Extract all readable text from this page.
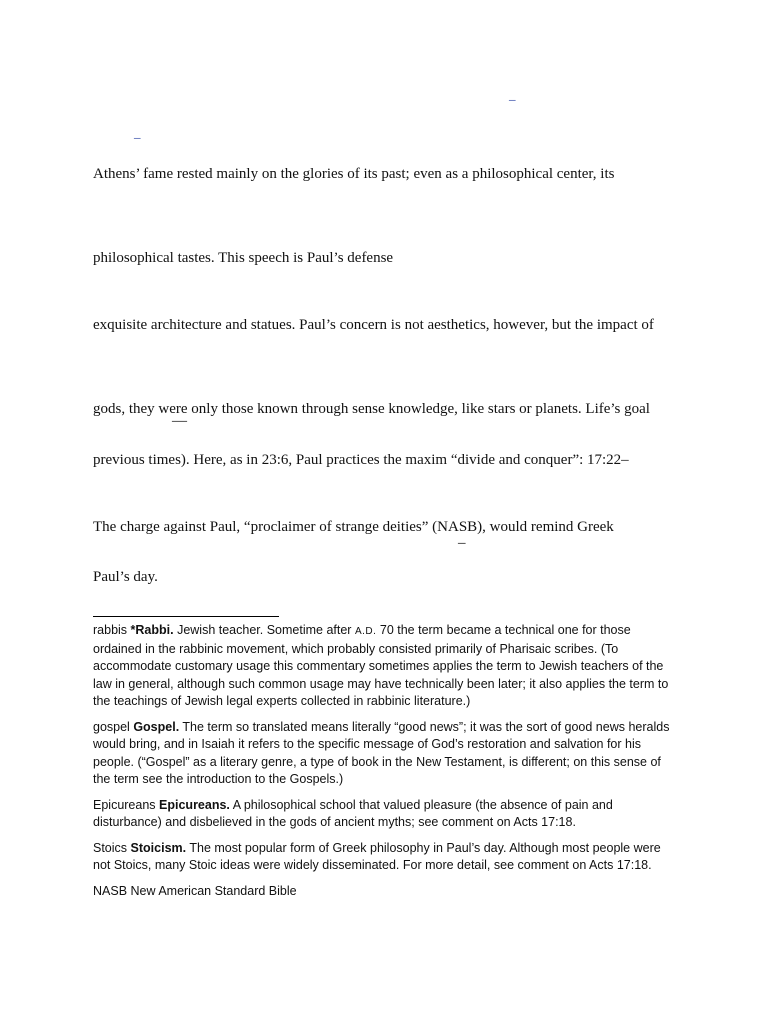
_
_
Athens’ fame rested mainly on the glories of its past; even as a philosophical center, its
philosophical tastes. This speech is Paul’s defense
exquisite architecture and statues. Paul’s concern is not aesthetics, however, but the impact of
gods, they were only those known through sense knowledge, like stars or planets. Life’s goal
—
previous times). Here, as in 23:6, Paul practices the maxim “divide and conquer”: 17:22–
The charge against Paul, “proclaimer of strange deities” (NASB), would remind Greek
–
Paul’s day.

rabbis *Rabbi. Jewish teacher. Sometime after A.D. 70 the term became a technical one for those ordained in the rabbinic movement, which probably consisted primarily of Pharisaic scribes. (To accommodate customary usage this commentary sometimes applies the term to Jewish teachers of the law in general, although such common usage may have technically been later; it also applies the term to the teachings of Jewish legal experts collected in rabbinic literature.)

gospel Gospel. The term so translated means literally “good news”; it was the sort of good news heralds would bring, and in Isaiah it refers to the specific message of God’s restoration and salvation for his people. (“Gospel” as a literary genre, a type of book in the New Testament, is different; on this sense of the term see the introduction to the Gospels.)

Epicureans Epicureans. A philosophical school that valued pleasure (the absence of pain and disturbance) and disbelieved in the gods of ancient myths; see comment on Acts 17:18.

Stoics Stoicism. The most popular form of Greek philosophy in Paul’s day. Although most people were not Stoics, many Stoic ideas were widely disseminated. For more detail, see comment on Acts 17:18.

NASB New American Standard Bible
